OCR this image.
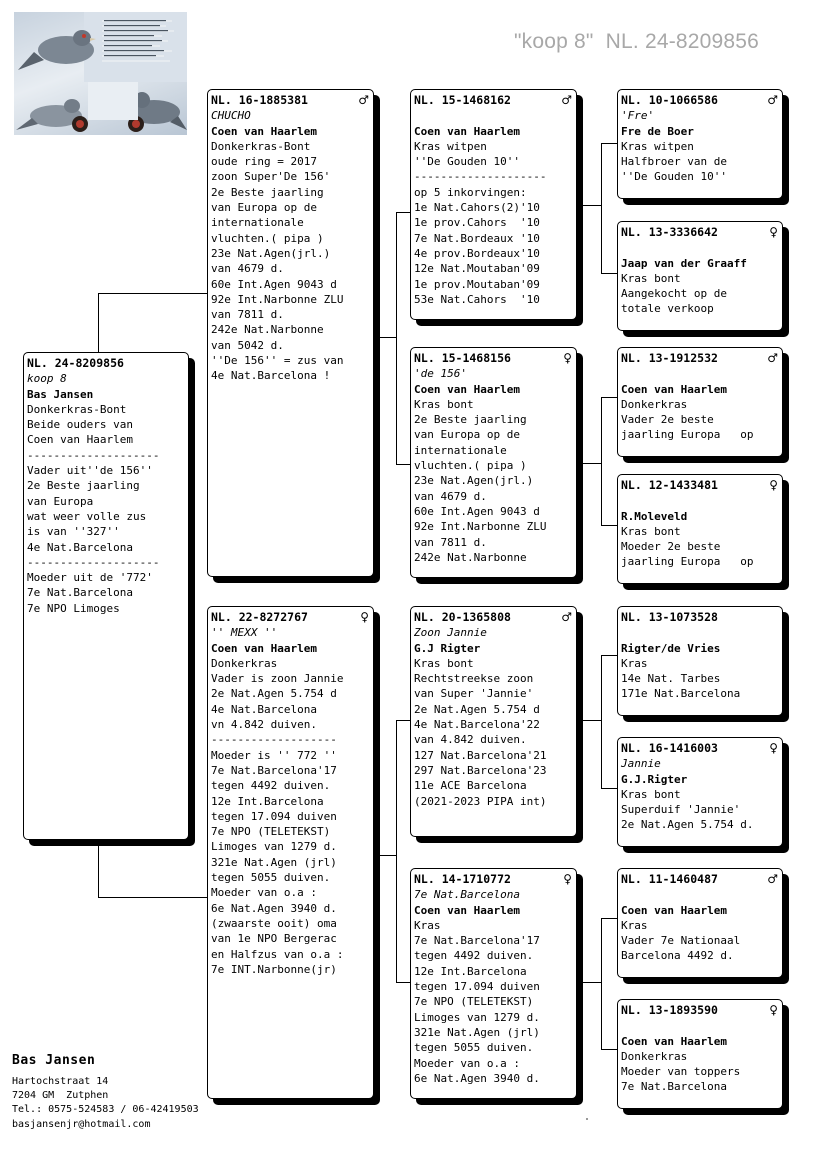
"koop 8"  NL. 24-8209856
NL. 24-8209856
koop 8
Bas Jansen
Donkerkras-Bont
Beide ouders van
Coen van Haarlem
--------------------
Vader uit''de 156''
2e Beste jaarling
van Europa
wat weer volle zus
is van ''327''
4e Nat.Barcelona
--------------------
Moeder uit de '772'
7e Nat.Barcelona
7e NPO Limoges
NL. 16-1885381	♂
CHUCHO
Coen van Haarlem
Donkerkras-Bont
oude ring = 2017
zoon Super'De 156'
2e Beste jaarling
van Europa op de
internationale
vluchten.( pipa )
23e Nat.Agen(jrl.)
van 4679 d.
60e Int.Agen 9043 d
92e Int.Narbonne ZLU
van 7811 d.
242e Nat.Narbonne
van 5042 d.
''De 156'' = zus van
4e Nat.Barcelona !
NL. 22-8272767	♀
'' MEXX ''
Coen van Haarlem
Donkerkras
Vader is zoon Jannie
2e Nat.Agen 5.754 d
4e Nat.Barcelona
vn 4.842 duiven.
-------------------
Moeder is '' 772 ''
7e Nat.Barcelona'17
tegen 4492 duiven.
12e Int.Barcelona
tegen 17.094 duiven
7e NPO (TELETEKST)
Limoges van 1279 d.
321e Nat.Agen (jrl)
tegen 5055 duiven.
Moeder van o.a :
6e Nat.Agen 3940 d.
(zwaarste ooit) oma
van 1e NPO Bergerac
en Halfzus van o.a :
7e INT.Narbonne(jr)
NL. 15-1468162	♂
Coen van Haarlem
Kras witpen
''De Gouden 10''
--------------------
op 5 inkorvingen:
1e Nat.Cahors(2)'10
1e prov.Cahors  '10
7e Nat.Bordeaux '10
4e prov.Bordeaux'10
12e Nat.Moutaban'09
1e prov.Moutaban'09
53e Nat.Cahors  '10
NL. 15-1468156	♀
'de 156'
Coen van Haarlem
Kras bont
2e Beste jaarling
van Europa op de
internationale
vluchten.( pipa )
23e Nat.Agen(jrl.)
van 4679 d.
60e Int.Agen 9043 d
92e Int.Narbonne ZLU
van 7811 d.
242e Nat.Narbonne
NL. 20-1365808	♂
Zoon Jannie
G.J Rigter
Kras bont
Rechtstreekse zoon
van Super 'Jannie'
2e Nat.Agen 5.754 d
4e Nat.Barcelona'22
van 4.842 duiven.
127 Nat.Barcelona'21
297 Nat.Barcelona'23
11e ACE Barcelona
(2021-2023 PIPA int)
NL. 14-1710772	♀
7e Nat.Barcelona
Coen van Haarlem
Kras
7e Nat.Barcelona'17
tegen 4492 duiven.
12e Int.Barcelona
tegen 17.094 duiven
7e NPO (TELETEKST)
Limoges van 1279 d.
321e Nat.Agen (jrl)
tegen 5055 duiven.
Moeder van o.a :
6e Nat.Agen 3940 d.
NL. 10-1066586	♂
'Fre'
Fre de Boer
Kras witpen
Halfbroer van de
''De Gouden 10''
NL. 13-3336642	♀
Jaap van der Graaff
Kras bont
Aangekocht op de
totale verkoop
NL. 13-1912532	♂
Coen van Haarlem
Donkerkras
Vader 2e beste
jaarling Europa   op
NL. 12-1433481	♀
R.Moleveld
Kras bont
Moeder 2e beste
jaarling Europa   op
NL. 13-1073528
Rigter/de Vries
Kras
14e Nat. Tarbes
171e Nat.Barcelona
NL. 16-1416003	♀
Jannie
G.J.Rigter
Kras bont
Superduif 'Jannie'
2e Nat.Agen 5.754 d.
NL. 11-1460487	♂
Coen van Haarlem
Kras
Vader 7e Nationaal
Barcelona 4492 d.
NL. 13-1893590	♀
Coen van Haarlem
Donkerkras
Moeder van toppers
7e Nat.Barcelona
Bas Jansen
Hartochstraat 14
7204 GM  Zutphen
Tel.: 0575-524583 / 06-42419503
basjansenjr@hotmail.com
